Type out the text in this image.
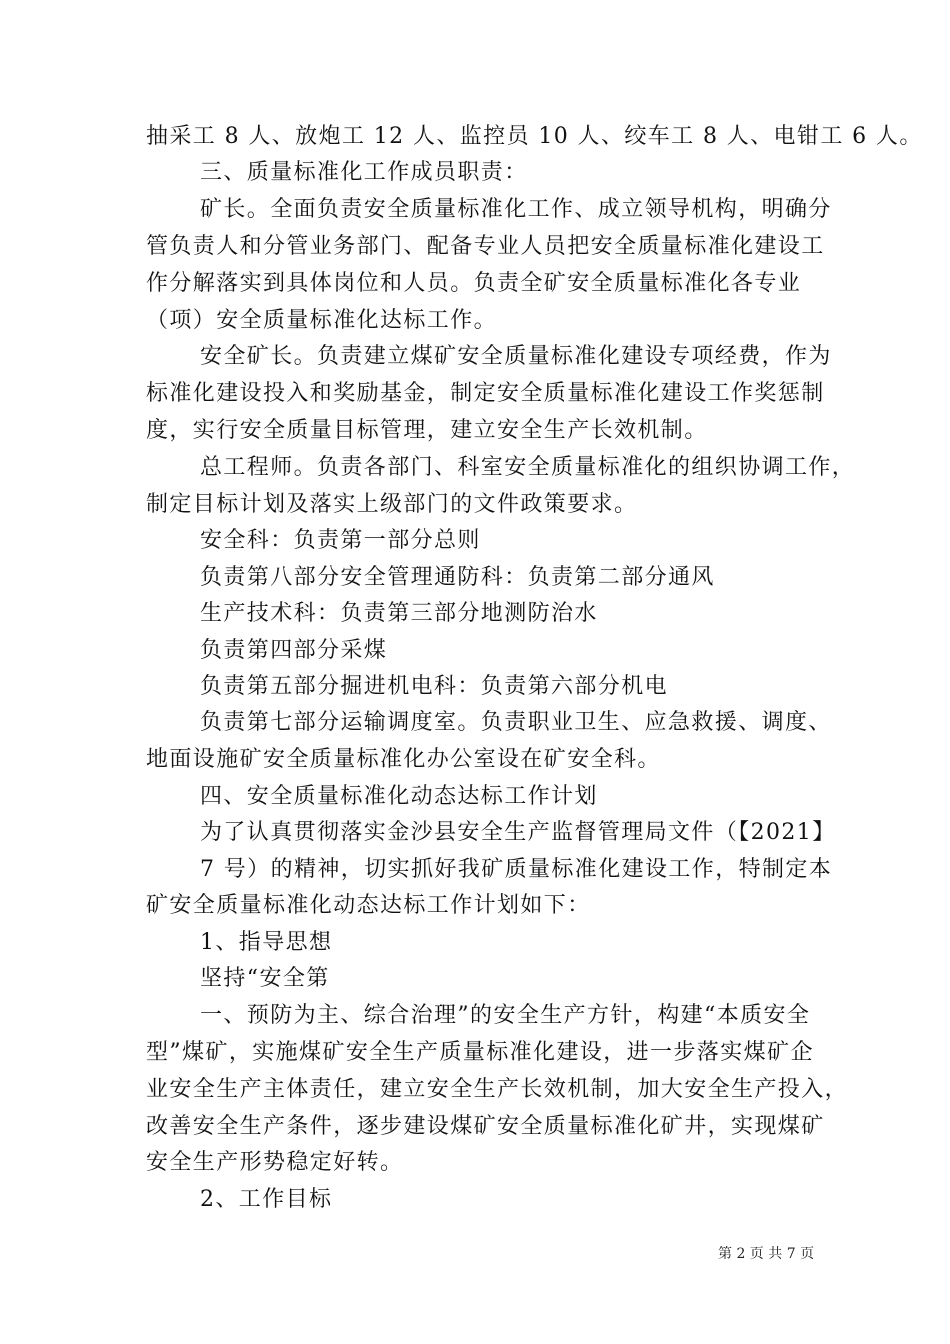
抽采工 8 人、放炮工 12 人、监控员 10 人、绞车工 8 人、电钳工 6 人。
三、质量标准化工作成员职责：
矿长。全面负责安全质量标准化工作、成立领导机构，明确分
管负责人和分管业务部门、配备专业人员把安全质量标准化建设工
作分解落实到具体岗位和人员。负责全矿安全质量标准化各专业
（项）安全质量标准化达标工作。
安全矿长。负责建立煤矿安全质量标准化建设专项经费，作为
标准化建设投入和奖励基金，制定安全质量标准化建设工作奖惩制
度，实行安全质量目标管理，建立安全生产长效机制。
总工程师。负责各部门、科室安全质量标准化的组织协调工作，
制定目标计划及落实上级部门的文件政策要求。
安全科：负责第一部分总则
负责第八部分安全管理通防科：负责第二部分通风
生产技术科：负责第三部分地测防治水
负责第四部分采煤
负责第五部分掘进机电科：负责第六部分机电
负责第七部分运输调度室。负责职业卫生、应急救援、调度、
地面设施矿安全质量标准化办公室设在矿安全科。
四、安全质量标准化动态达标工作计划
为了认真贯彻落实金沙县安全生产监督管理局文件（【2021】
7 号）的精神，切实抓好我矿质量标准化建设工作，特制定本
矿安全质量标准化动态达标工作计划如下：
1、指导思想
坚持“安全第
一、预防为主、综合治理”的安全生产方针，构建“本质安全
型”煤矿，实施煤矿安全生产质量标准化建设，进一步落实煤矿企
业安全生产主体责任，建立安全生产长效机制，加大安全生产投入，
改善安全生产条件，逐步建设煤矿安全质量标准化矿井，实现煤矿
安全生产形势稳定好转。
2、工作目标
第 2 页 共 7 页
